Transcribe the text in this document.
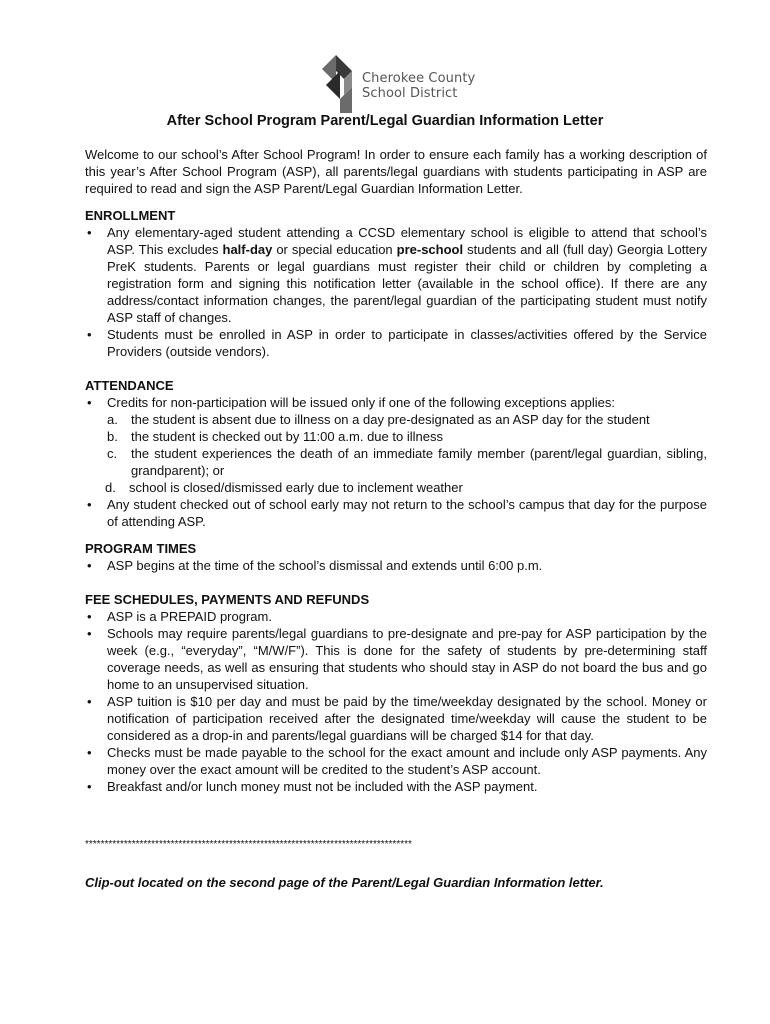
Cherokee County
School District
After School Program Parent/Legal Guardian Information Letter

Welcome to our school’s After School Program! In order to ensure each family has a working description of this year’s After School Program (ASP), all parents/legal guardians with students participating in ASP are required to read and sign the ASP Parent/Legal Guardian Information Letter.

ENROLLMENT
• Any elementary-aged student attending a CCSD elementary school is eligible to attend that school’s ASP. This excludes half-day or special education pre-school students and all (full day) Georgia Lottery PreK students. Parents or legal guardians must register their child or children by completing a registration form and signing this notification letter (available in the school office). If there are any address/contact information changes, the parent/legal guardian of the participating student must notify ASP staff of changes.
• Students must be enrolled in ASP in order to participate in classes/activities offered by the Service Providers (outside vendors).
ATTENDANCE
• Credits for non-participation will be issued only if one of the following exceptions applies:
a. the student is absent due to illness on a day pre-designated as an ASP day for the student
b. the student is checked out by 11:00 a.m. due to illness
c. the student experiences the death of an immediate family member (parent/legal guardian, sibling, grandparent); or
d. school is closed/dismissed early due to inclement weather
• Any student checked out of school early may not return to the school’s campus that day for the purpose of attending ASP.
PROGRAM TIMES
• ASP begins at the time of the school’s dismissal and extends until 6:00 p.m.
FEE SCHEDULES, PAYMENTS AND REFUNDS
• ASP is a PREPAID program.
• Schools may require parents/legal guardians to pre-designate and pre-pay for ASP participation by the week (e.g., “everyday”, “M/W/F”). This is done for the safety of students by pre-determining staff coverage needs, as well as ensuring that students who should stay in ASP do not board the bus and go home to an unsupervised situation.
• ASP tuition is $10 per day and must be paid by the time/weekday designated by the school. Money or notification of participation received after the designated time/weekday will cause the student to be considered as a drop-in and parents/legal guardians will be charged $14 for that day.
• Checks must be made payable to the school for the exact amount and include only ASP payments. Any money over the exact amount will be credited to the student’s ASP account.
• Breakfast and/or lunch money must not be included with the ASP payment.
************************************************************************************
Clip-out located on the second page of the Parent/Legal Guardian Information letter.
